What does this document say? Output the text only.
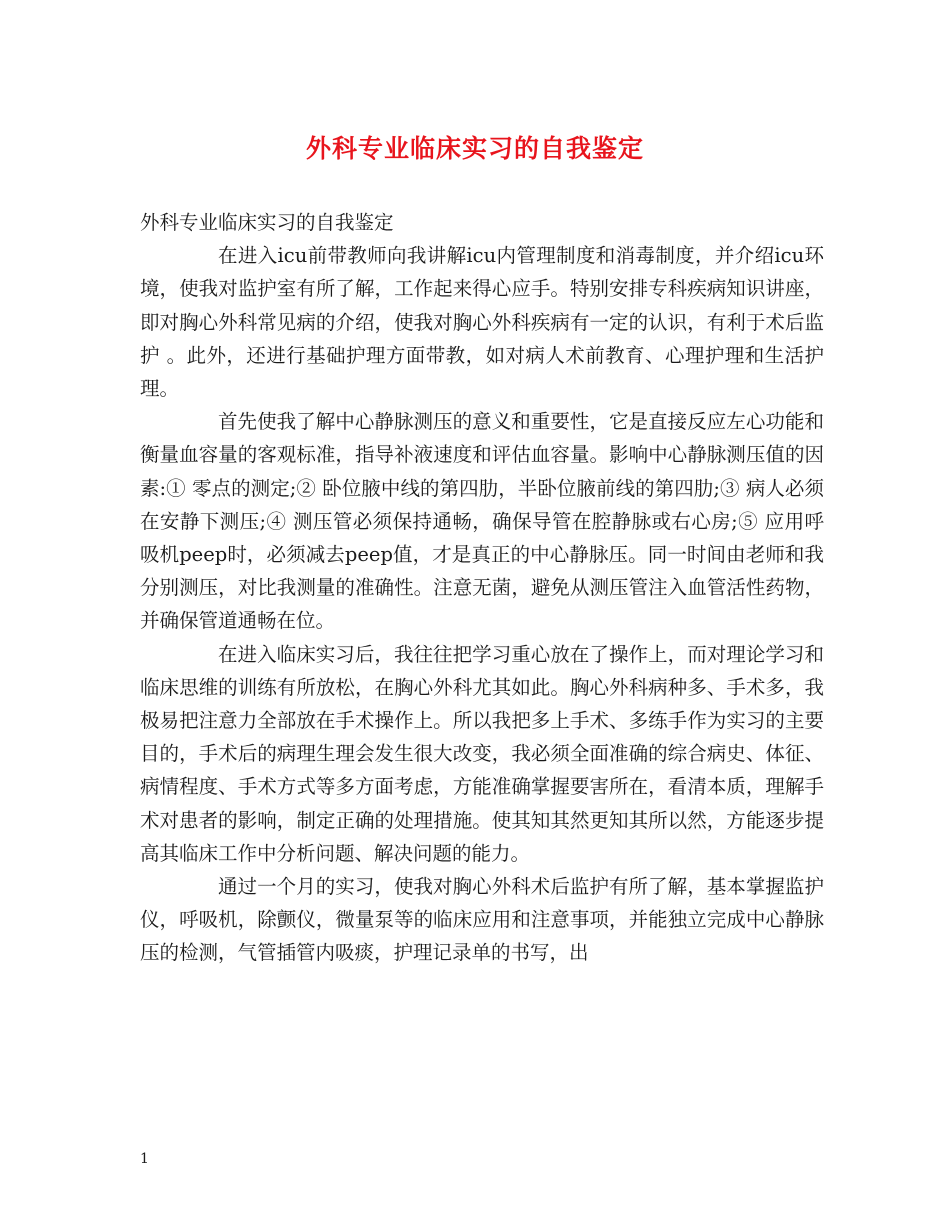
外科专业临床实习的自我鉴定

外科专业临床实习的自我鉴定

在进入icu前带教师向我讲解icu内管理制度和消毒制度，并介绍icu环境，使我对监护室有所了解，工作起来得心应手。特别安排专科疾病知识讲座，即对胸心外科常见病的介绍，使我对胸心外科疾病有一定的认识，有利于术后监护 。此外，还进行基础护理方面带教，如对病人术前教育、心理护理和生活护理。

首先使我了解中心静脉测压的意义和重要性，它是直接反应左心功能和衡量血容量的客观标准，指导补液速度和评估血容量。影响中心静脉测压值的因素:① 零点的测定;② 卧位腋中线的第四肋，半卧位腋前线的第四肋;③ 病人必须在安静下测压;④ 测压管必须保持通畅，确保导管在腔静脉或右心房;⑤ 应用呼吸机peep时，必须减去peep值，才是真正的中心静脉压。同一时间由老师和我分别测压，对比我测量的准确性。注意无菌，避免从测压管注入血管活性药物，并确保管道通畅在位。

在进入临床实习后，我往往把学习重心放在了操作上，而对理论学习和临床思维的训练有所放松，在胸心外科尤其如此。胸心外科病种多、手术多，我极易把注意力全部放在手术操作上。所以我把多上手术、多练手作为实习的主要目的，手术后的病理生理会发生很大改变，我必须全面准确的综合病史、体征、病情程度、手术方式等多方面考虑，方能准确掌握要害所在，看清本质，理解手术对患者的影响，制定正确的处理措施。使其知其然更知其所以然，方能逐步提高其临床工作中分析问题、解决问题的能力。

通过一个月的实习，使我对胸心外科术后监护有所了解，基本掌握监护仪，呼吸机，除颤仪，微量泵等的临床应用和注意事项，并能独立完成中心静脉压的检测，气管插管内吸痰，护理记录单的书写，出

1
